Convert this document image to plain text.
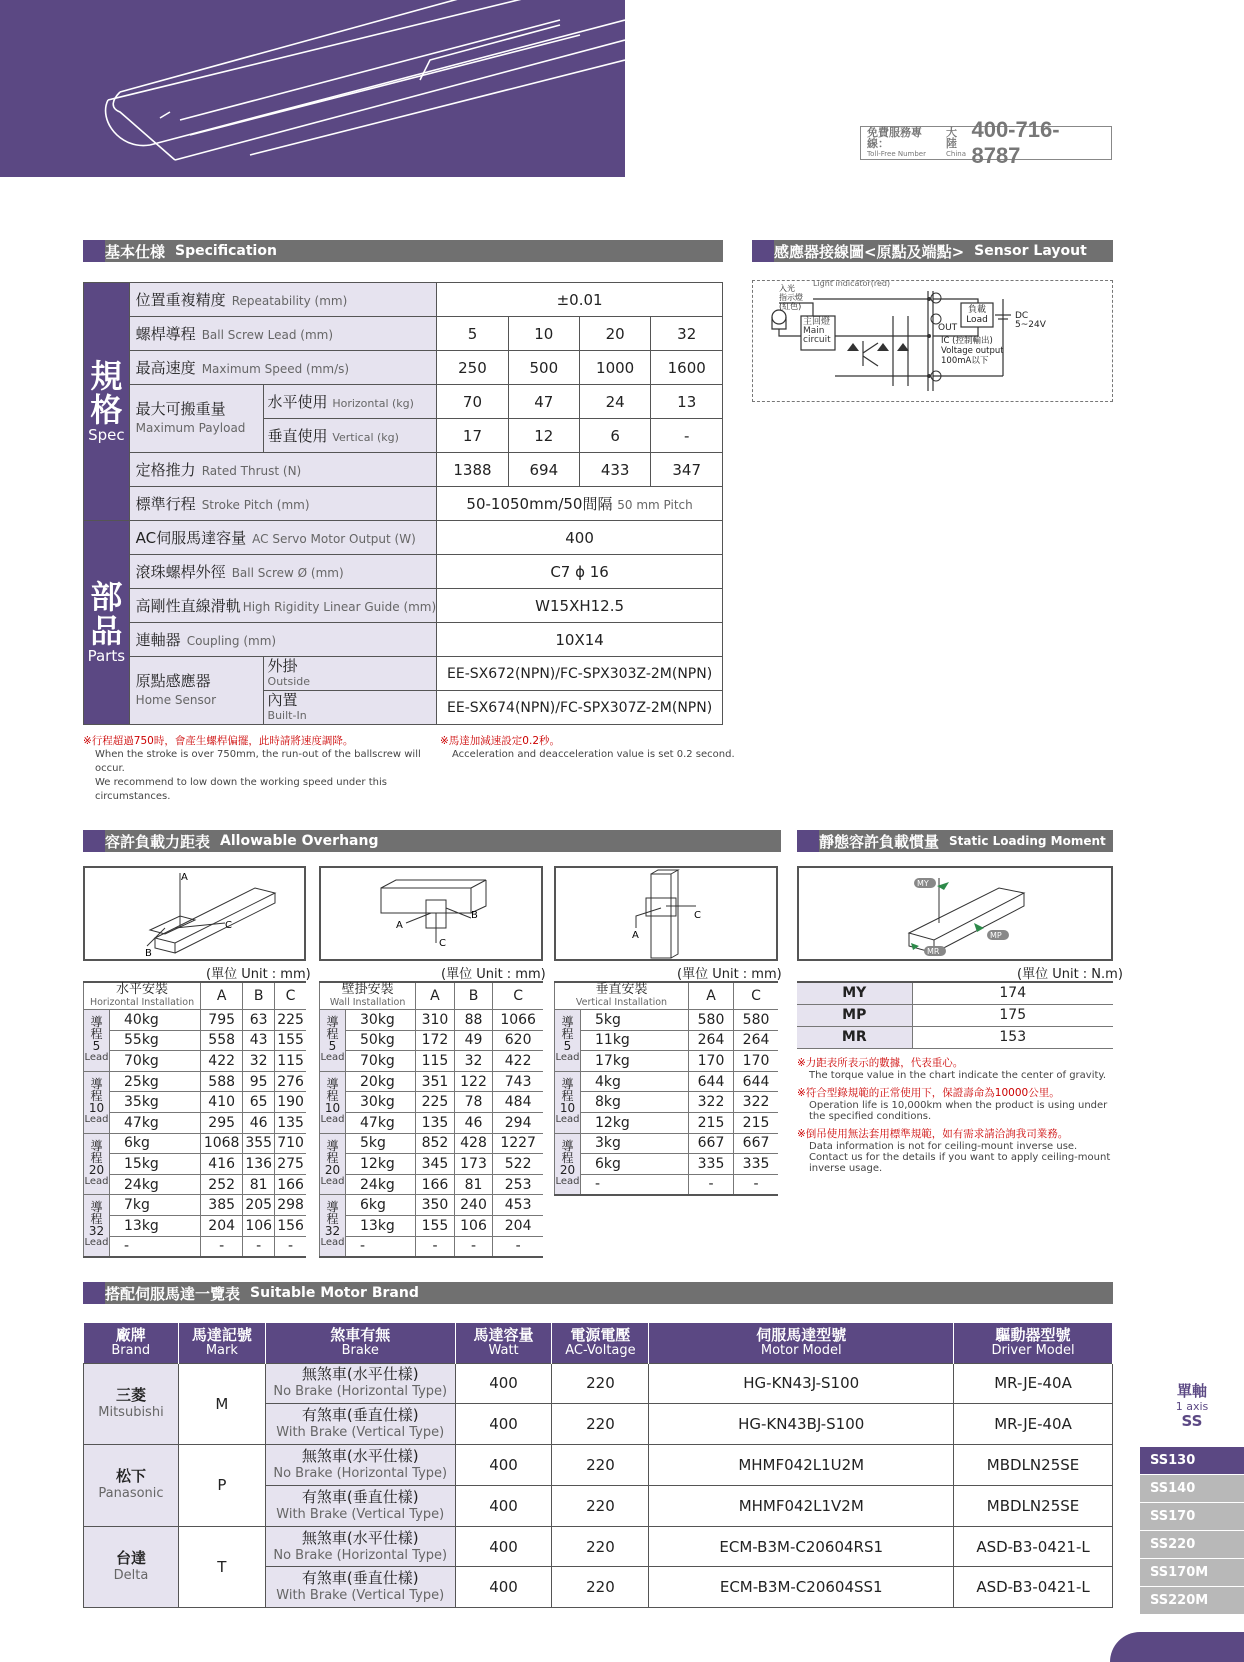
免費服務專線：
Toll-Free Number
大陸
China
400-716-8787
基本仕様 Specification	感應器接線圖<原點及端點> Sensor Layout
規
格
Spec	位置重複精度 Repeatability (mm)		±0.01			
	螺桿導程 Ball Screw Lead (mm)		5	10	20	32
	最高速度 Maximum Speed (mm/s)		250	500	1000	1600
	最大可搬重量
Maximum Payload	水平使用 Horizontal (kg)	70	47	24	13
		垂直使用 Vertical (kg)	17	12	6	-
	定格推力 Rated Thrust (N)		1388	694	433	347
	標準行程 Stroke Pitch (mm)		50-1050mm/50間隔 50 mm Pitch			
部
品
Parts	AC伺服馬達容量 AC Servo Motor Output (W)		400			
	滾珠螺桿外徑 Ball Screw Ø (mm)		C7 ϕ 16			
	高剛性直線滑軌 High Rigidity Linear Guide (mm)		W15XH12.5			
	連軸器 Coupling (mm)		10X14			
	原點感應器
Home Sensor	外掛
Outside	EE-SX672(NPN)/FC-SPX303Z-2M(NPN)			
		內置
Built-In	EE-SX674(NPN)/FC-SPX307Z-2M(NPN)			
※行程超過750時，會產生螺桿偏擺，此時請將速度調降。
When the stroke is over 750mm, the run-out of the ballscrew will occur.
We recommend to low down the working speed under this circumstances.
※馬達加減速設定0.2秒。
Acceleration and deacceleration value is set 0.2 second.
入光
指示燈
(紅色)
Light indicator(red)
主回燈
Main
circuit
負載
Load
OUT
IC (控制輸出)
Voltage output
100mA以下
DC
5~24V
容許負載力距表 Allowable Overhang	靜態容許負載慣量 Static Loading Moment
A
C
B
A
B
C
A
C
MY
MP
MR
(單位 Unit : mm)	(單位 Unit : mm)	(單位 Unit : mm)	(單位 Unit : N.m)
水平安裝
Horizontal Installation		A	B	C
導
程
5
Lead	40kg	795	63	225
	55kg	558	43	155
	70kg	422	32	115
導
程
10
Lead	25kg	588	95	276
	35kg	410	65	190
	47kg	295	46	135
導
程
20
Lead	6kg	1068	355	710
	15kg	416	136	275
	24kg	252	81	166
導
程
32
Lead	7kg	385	205	298
	13kg	204	106	156
	-	-	-	-
壁掛安裝
Wall Installation		A	B	C
導
程
5
Lead	30kg	310	88	1066
	50kg	172	49	620
	70kg	115	32	422
導
程
10
Lead	20kg	351	122	743
	30kg	225	78	484
	47kg	135	46	294
導
程
20
Lead	5kg	852	428	1227
	12kg	345	173	522
	24kg	166	81	253
導
程
32
Lead	6kg	350	240	453
	13kg	155	106	204
	-	-	-	-
垂直安裝
Vertical Installation		A	C
導
程
5
Lead	5kg	580	580
	11kg	264	264
	17kg	170	170
導
程
10
Lead	4kg	644	644
	8kg	322	322
	12kg	215	215
導
程
20
Lead	3kg	667	667
	6kg	335	335
	-	-	-
MY	174
MP	175
MR	153
※力距表所表示的數據，代表重心。
The torque value in the chart indicate the center of gravity.
※符合型錄規範的正常使用下，保證壽命為10000公里。
Operation life is 10,000km when the product is using under the specified conditions.
※倒吊使用無法套用標準規範，如有需求請洽詢我司業務。
Data information is not for ceiling-mount inverse use. Contact us for the details if you want to apply ceiling-mount inverse usage.
搭配伺服馬達一覽表 Suitable Motor Brand
廠牌
Brand	馬達記號
Mark	煞車有無
Brake	馬達容量
Watt	電源電壓
AC-Voltage	伺服馬達型號
Motor Model	驅動器型號
Driver Model

三菱
Mitsubishi	M	無煞車(水平仕樣)
No Brake (Horizontal Type)	400	220	HG-KN43J-S100	MR-JE-40A
		有煞車(垂直仕樣)
With Brake (Vertical Type)	400	220	HG-KN43BJ-S100	MR-JE-40A

松下
Panasonic	P	無煞車(水平仕樣)
No Brake (Horizontal Type)	400	220	MHMF042L1U2M	MBDLN25SE
		有煞車(垂直仕樣)
With Brake (Vertical Type)	400	220	MHMF042L1V2M	MBDLN25SE

台達
Delta	T	無煞車(水平仕樣)
No Brake (Horizontal Type)	400	220	ECM-B3M-C20604RS1	ASD-B3-0421-L
		有煞車(垂直仕樣)
With Brake (Vertical Type)	400	220	ECM-B3M-C20604SS1	ASD-B3-0421-L
單軸
1 axis
SS
SS130
SS140
SS170
SS220
SS170M
SS220M
